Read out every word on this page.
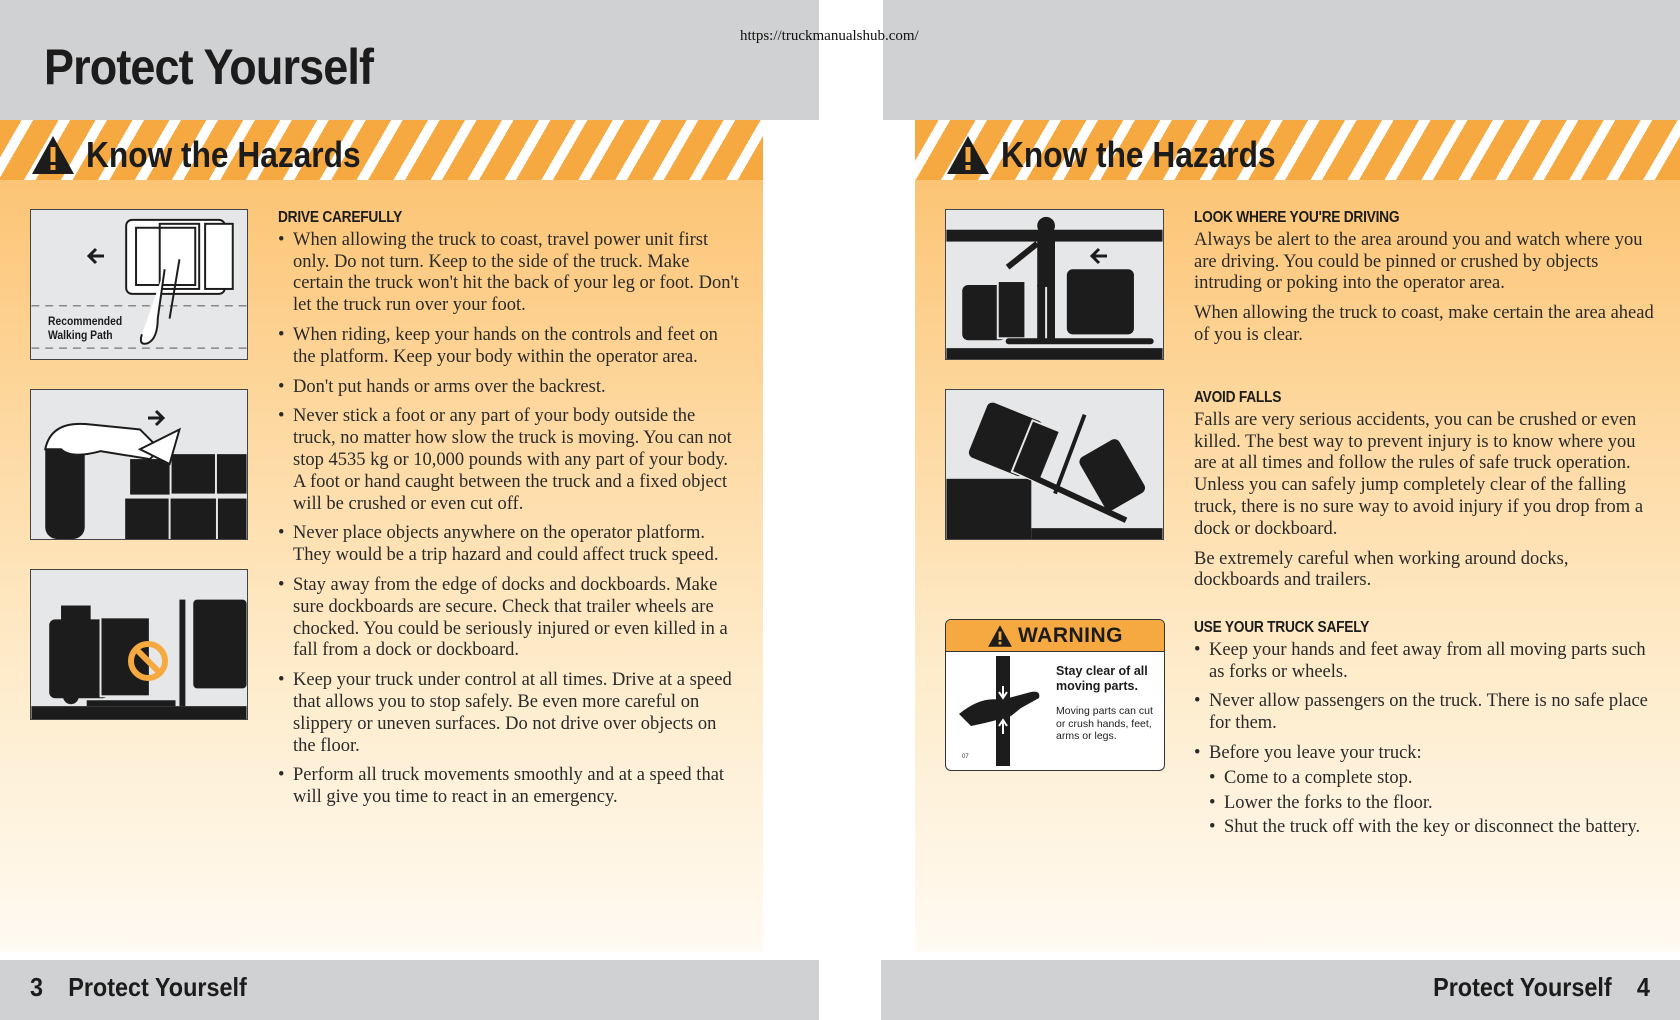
Protect Yourself
https://truckmanualshub.com/
3 Protect Yourself	Protect Yourself 4
Know the Hazards
Recommended
Walking Path
DRIVE CAREFULLY
• When allowing the truck to coast, travel power unit first only. Do not turn. Keep to the side of the truck. Make certain the truck won't hit the back of your leg or foot. Don't let the truck run over your foot.
• When riding, keep your hands on the controls and feet on the platform. Keep your body within the operator area.
• Don't put hands or arms over the backrest.
• Never stick a foot or any part of your body outside the truck, no matter how slow the truck is moving. You can not stop 4535 kg or 10,000 pounds with any part of your body. A foot or hand caught between the truck and a fixed object will be crushed or even cut off.
• Never place objects anywhere on the operator platform. They would be a trip hazard and could affect truck speed.
• Stay away from the edge of docks and dockboards. Make sure dockboards are secure. Check that trailer wheels are chocked. You could be seriously injured or even killed in a fall from a dock or dockboard.
• Keep your truck under control at all times. Drive at a speed that allows you to stop safely. Be even more careful on slippery or uneven surfaces. Do not drive over objects on the floor.
• Perform all truck movements smoothly and at a speed that will give you time to react in an emergency.
Know the Hazards
WARNING
Stay clear of all moving parts.
Moving parts can cut or crush hands, feet, arms or legs.
07
LOOK WHERE YOU'RE DRIVING
Always be alert to the area around you and watch where you are driving. You could be pinned or crushed by objects intruding or poking into the operator area.
When allowing the truck to coast, make certain the area ahead of you is clear.
AVOID FALLS
Falls are very serious accidents, you can be crushed or even killed. The best way to prevent injury is to know where you are at all times and follow the rules of safe truck operation. Unless you can safely jump completely clear of the falling truck, there is no sure way to avoid injury if you drop from a dock or dockboard.
Be extremely careful when working around docks, dockboards and trailers.
USE YOUR TRUCK SAFELY
• Keep your hands and feet away from all moving parts such as forks or wheels.
• Never allow passengers on the truck. There is no safe place for them.
• Before you leave your truck:
• Come to a complete stop.
• Lower the forks to the floor.
• Shut the truck off with the key or disconnect the battery.
